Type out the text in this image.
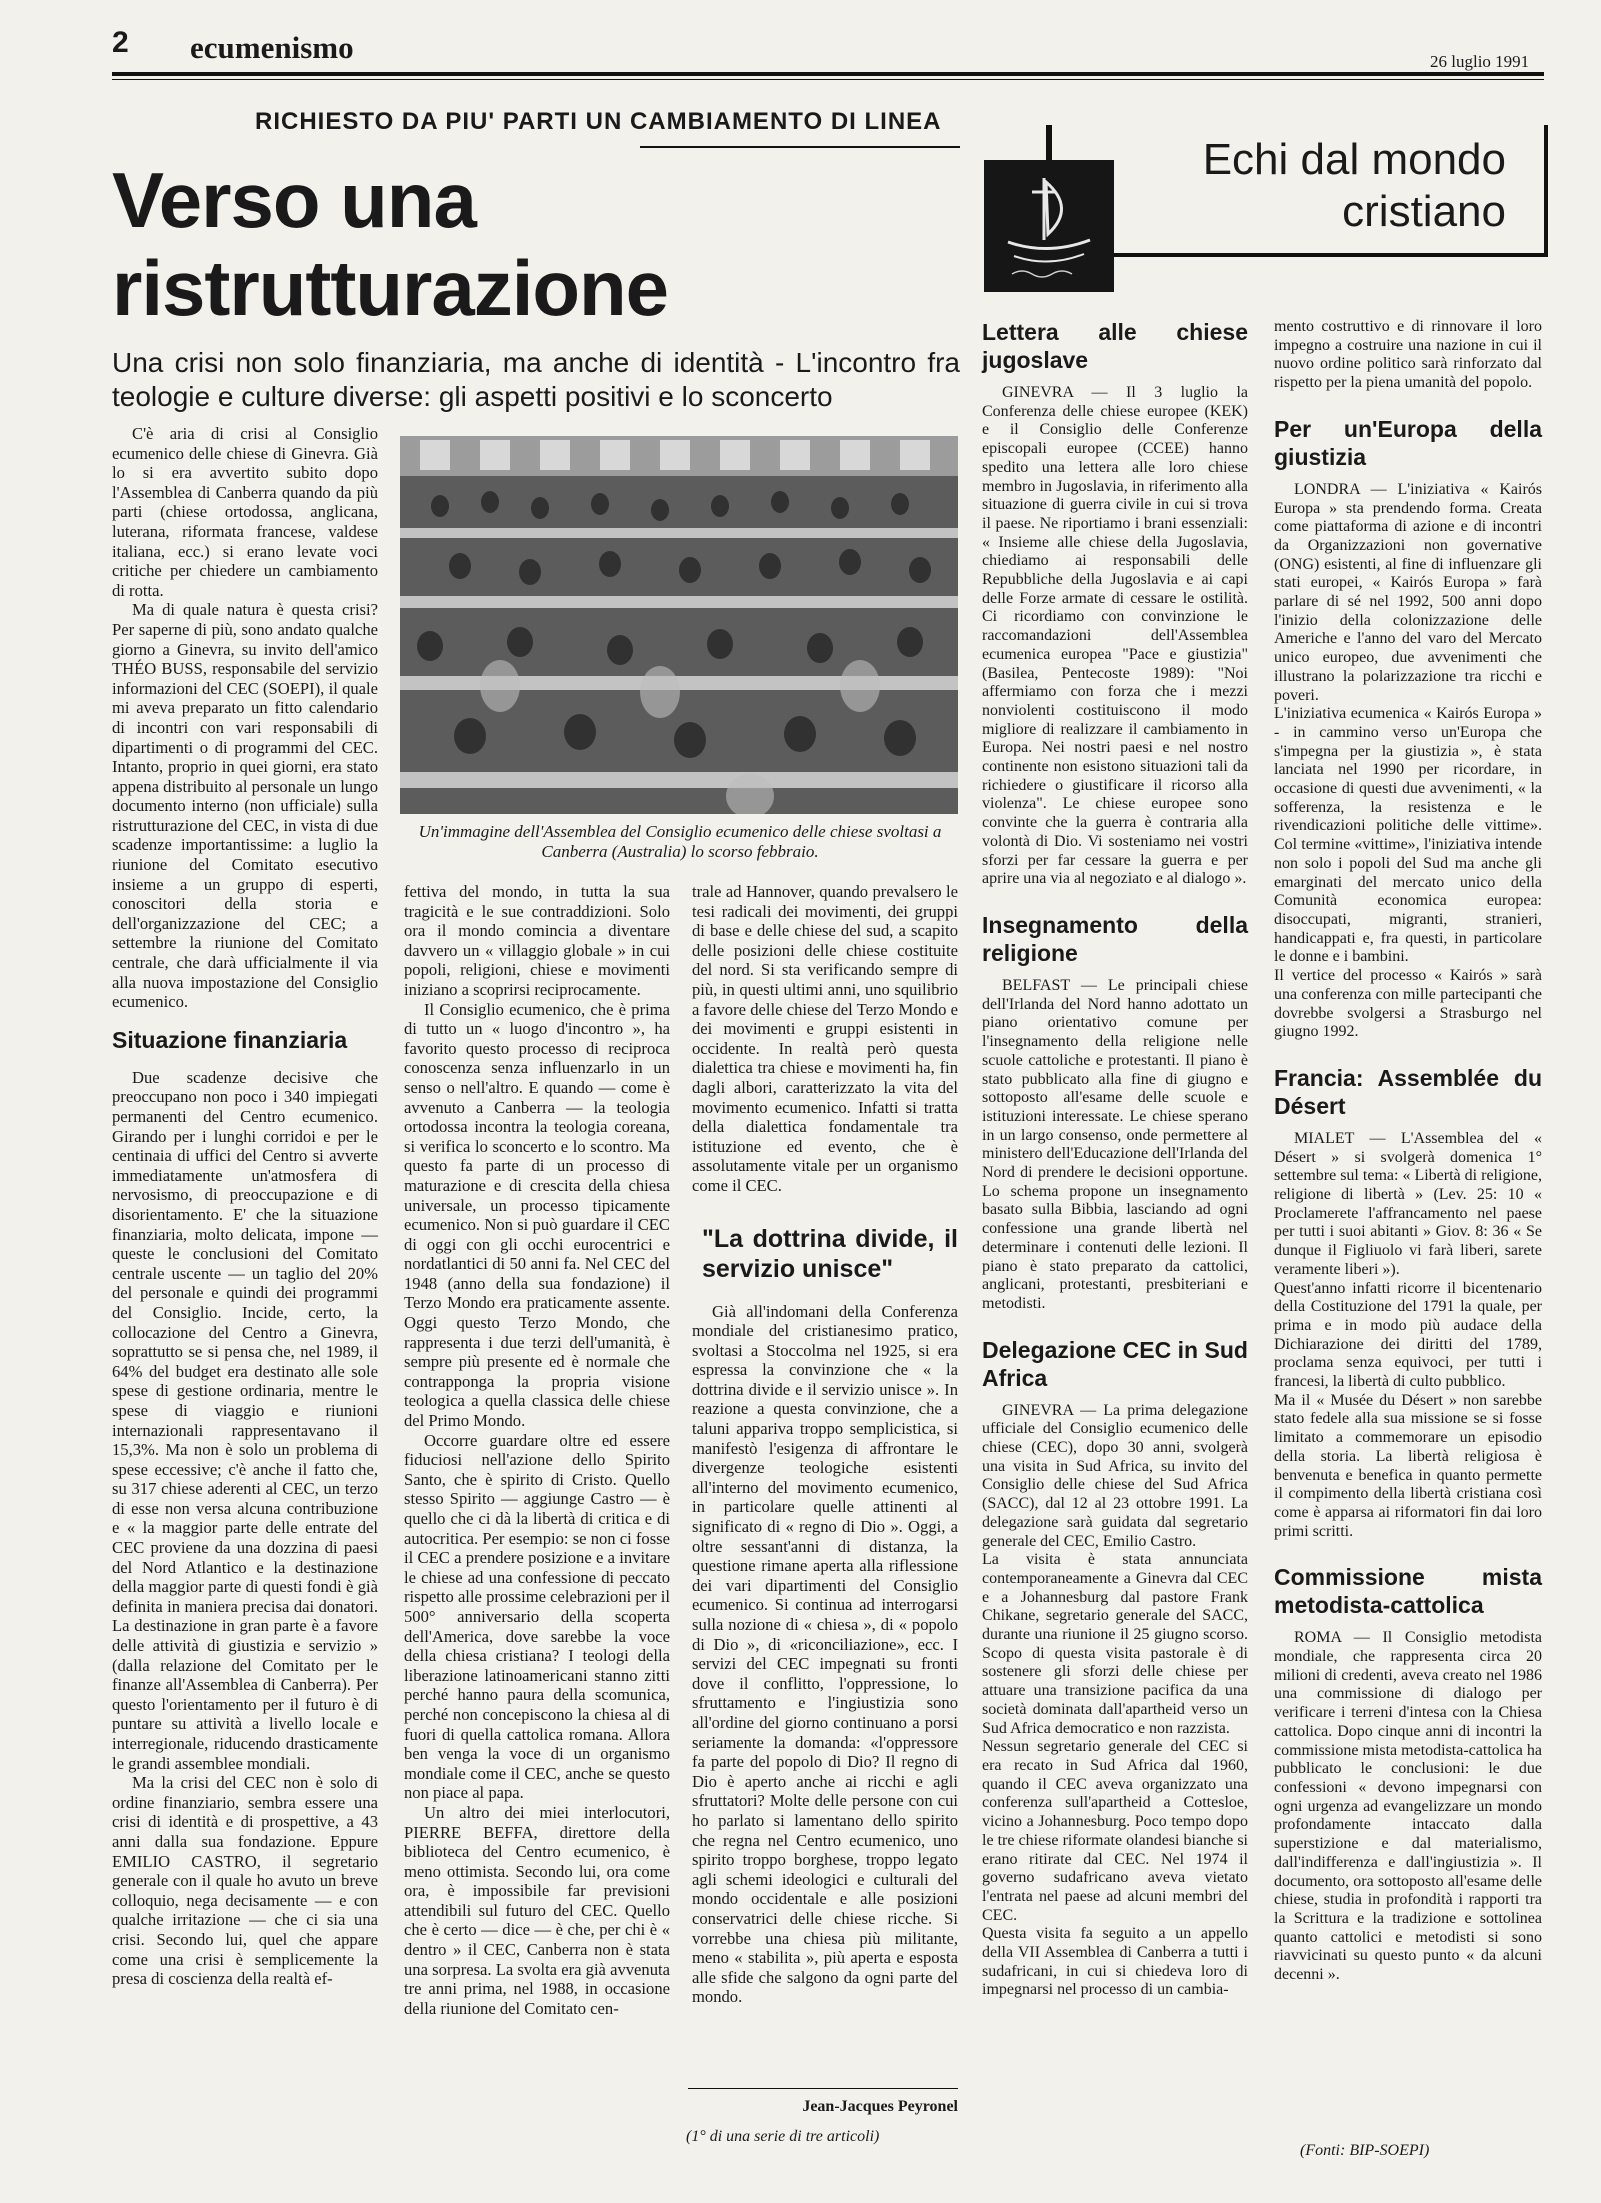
2 ecumenismo	26 luglio 1991
RICHIESTO DA PIU' PARTI UN CAMBIAMENTO DI LINEA
Verso una ristrutturazione
Una crisi non solo finanziaria, ma anche di identità - L'incontro fra teologie e culture diverse: gli aspetti positivi e lo sconcerto

C'è aria di crisi al Consiglio ecumenico delle chiese di Ginevra. Già lo si era avvertito subito dopo l'Assemblea di Canberra quando da più parti (chiese ortodossa, anglicana, luterana, riformata francese, valdese italiana, ecc.) si erano levate voci critiche per chiedere un cambiamento di rotta.

Ma di quale natura è questa crisi? Per saperne di più, sono andato qualche giorno a Ginevra, su invito dell'amico THÉO BUSS, responsabile del servizio informazioni del CEC (SOEPI), il quale mi aveva preparato un fitto calendario di incontri con vari responsabili di dipartimenti o di programmi del CEC. Intanto, proprio in quei giorni, era stato appena distribuito al personale un lungo documento interno (non ufficiale) sulla ristrutturazione del CEC, in vista di due scadenze importantissime: a luglio la riunione del Comitato esecutivo insieme a un gruppo di esperti, conoscitori della storia e dell'organizzazione del CEC; a settembre la riunione del Comitato centrale, che darà ufficialmente il via alla nuova impostazione del Consiglio ecumenico.

Situazione finanziaria

Due scadenze decisive che preoccupano non poco i 340 impiegati permanenti del Centro ecumenico. Girando per i lunghi corridoi e per le centinaia di uffici del Centro si avverte immediatamente un'atmosfera di nervosismo, di preoccupazione e di disorientamento. E' che la situazione finanziaria, molto delicata, impone — queste le conclusioni del Comitato centrale uscente — un taglio del 20% del personale e quindi dei programmi del Consiglio. Incide, certo, la collocazione del Centro a Ginevra, soprattutto se si pensa che, nel 1989, il 64% del budget era destinato alle sole spese di gestione ordinaria, mentre le spese di viaggio e riunioni internazionali rappresentavano il 15,3%. Ma non è solo un problema di spese eccessive; c'è anche il fatto che, su 317 chiese aderenti al CEC, un terzo di esse non versa alcuna contribuzione e « la maggior parte delle entrate del CEC proviene da una dozzina di paesi del Nord Atlantico e la destinazione della maggior parte di questi fondi è già definita in maniera precisa dai donatori. La destinazione in gran parte è a favore delle attività di giustizia e servizio » (dalla relazione del Comitato per le finanze all'Assemblea di Canberra). Per questo l'orientamento per il futuro è di puntare su attività a livello locale e interregionale, riducendo drasticamente le grandi assemblee mondiali.

Ma la crisi del CEC non è solo di ordine finanziario, sembra essere una crisi di identità e di prospettive, a 43 anni dalla sua fondazione. Eppure EMILIO CASTRO, il segretario generale con il quale ho avuto un breve colloquio, nega decisamente — e con qualche irritazione — che ci sia una crisi. Secondo lui, quel che appare come una crisi è semplicemente la presa di coscienza della realtà ef-

Un'immagine dell'Assemblea del Consiglio ecumenico delle chiese svoltasi a Canberra (Australia) lo scorso febbraio.

fettiva del mondo, in tutta la sua tragicità e le sue contraddizioni. Solo ora il mondo comincia a diventare davvero un « villaggio globale » in cui popoli, religioni, chiese e movimenti iniziano a scoprirsi reciprocamente.

Il Consiglio ecumenico, che è prima di tutto un « luogo d'incontro », ha favorito questo processo di reciproca conoscenza senza influenzarlo in un senso o nell'altro. E quando — come è avvenuto a Canberra — la teologia ortodossa incontra la teologia coreana, si verifica lo sconcerto e lo scontro. Ma questo fa parte di un processo di maturazione e di crescita della chiesa universale, un processo tipicamente ecumenico. Non si può guardare il CEC di oggi con gli occhi eurocentrici e nordatlantici di 50 anni fa. Nel CEC del 1948 (anno della sua fondazione) il Terzo Mondo era praticamente assente. Oggi questo Terzo Mondo, che rappresenta i due terzi dell'umanità, è sempre più presente ed è normale che contrapponga la propria visione teologica a quella classica delle chiese del Primo Mondo.

Occorre guardare oltre ed essere fiduciosi nell'azione dello Spirito Santo, che è spirito di Cristo. Quello stesso Spirito — aggiunge Castro — è quello che ci dà la libertà di critica e di autocritica. Per esempio: se non ci fosse il CEC a prendere posizione e a invitare le chiese ad una confessione di peccato rispetto alle prossime celebrazioni per il 500° anniversario della scoperta dell'America, dove sarebbe la voce della chiesa cristiana? I teologi della liberazione latinoamericani stanno zitti perché hanno paura della scomunica, perché non concepiscono la chiesa al di fuori di quella cattolica romana. Allora ben venga la voce di un organismo mondiale come il CEC, anche se questo non piace al papa.

Un altro dei miei interlocutori, PIERRE BEFFA, direttore della biblioteca del Centro ecumenico, è meno ottimista. Secondo lui, ora come ora, è impossibile far previsioni attendibili sul futuro del CEC. Quello che è certo — dice — è che, per chi è « dentro » il CEC, Canberra non è stata una sorpresa. La svolta era già avvenuta tre anni prima, nel 1988, in occasione della riunione del Comitato cen-

trale ad Hannover, quando prevalsero le tesi radicali dei movimenti, dei gruppi di base e delle chiese del sud, a scapito delle posizioni delle chiese costituite del nord. Si sta verificando sempre di più, in questi ultimi anni, uno squilibrio a favore delle chiese del Terzo Mondo e dei movimenti e gruppi esistenti in occidente. In realtà però questa dialettica tra chiese e movimenti ha, fin dagli albori, caratterizzato la vita del movimento ecumenico. Infatti si tratta della dialettica fondamentale tra istituzione ed evento, che è assolutamente vitale per un organismo come il CEC.

"La dottrina divide, il servizio unisce"

Già all'indomani della Conferenza mondiale del cristianesimo pratico, svoltasi a Stoccolma nel 1925, si era espressa la convinzione che « la dottrina divide e il servizio unisce ». In reazione a questa convinzione, che a taluni appariva troppo semplicistica, si manifestò l'esigenza di affrontare le divergenze teologiche esistenti all'interno del movimento ecumenico, in particolare quelle attinenti al significato di « regno di Dio ». Oggi, a oltre sessant'anni di distanza, la questione rimane aperta alla riflessione dei vari dipartimenti del Consiglio ecumenico. Si continua ad interrogarsi sulla nozione di « chiesa », di « popolo di Dio », di «riconciliazione», ecc. I servizi del CEC impegnati su fronti dove il conflitto, l'oppressione, lo sfruttamento e l'ingiustizia sono all'ordine del giorno continuano a porsi seriamente la domanda: «l'oppressore fa parte del popolo di Dio? Il regno di Dio è aperto anche ai ricchi e agli sfruttatori? Molte delle persone con cui ho parlato si lamentano dello spirito che regna nel Centro ecumenico, uno spirito troppo borghese, troppo legato agli schemi ideologici e culturali del mondo occidentale e alle posizioni conservatrici delle chiese ricche. Si vorrebbe una chiesa più militante, meno « stabilita », più aperta e esposta alle sfide che salgono da ogni parte del mondo.

Jean-Jacques Peyronel
(1° di una serie di tre articoli)
Echi dal mondo
cristiano
Lettera alle chiese jugoslave

GINEVRA — Il 3 luglio la Conferenza delle chiese europee (KEK) e il Consiglio delle Conferenze episcopali europee (CCEE) hanno spedito una lettera alle loro chiese membro in Jugoslavia, in riferimento alla situazione di guerra civile in cui si trova il paese. Ne riportiamo i brani essenziali: « Insieme alle chiese della Jugoslavia, chiediamo ai responsabili delle Repubbliche della Jugoslavia e ai capi delle Forze armate di cessare le ostilità. Ci ricordiamo con convinzione le raccomandazioni dell'Assemblea ecumenica europea "Pace e giustizia" (Basilea, Pentecoste 1989): "Noi affermiamo con forza che i mezzi nonviolenti costituiscono il modo migliore di realizzare il cambiamento in Europa. Nei nostri paesi e nel nostro continente non esistono situazioni tali da richiedere o giustificare il ricorso alla violenza". Le chiese europee sono convinte che la guerra è contraria alla volontà di Dio. Vi sosteniamo nei vostri sforzi per far cessare la guerra e per aprire una via al negoziato e al dialogo ».

Insegnamento della religione

BELFAST — Le principali chiese dell'Irlanda del Nord hanno adottato un piano orientativo comune per l'insegnamento della religione nelle scuole cattoliche e protestanti. Il piano è stato pubblicato alla fine di giugno e sottoposto all'esame delle scuole e istituzioni interessate. Le chiese sperano in un largo consenso, onde permettere al ministero dell'Educazione dell'Irlanda del Nord di prendere le decisioni opportune. Lo schema propone un insegnamento basato sulla Bibbia, lasciando ad ogni confessione una grande libertà nel determinare i contenuti delle lezioni. Il piano è stato preparato da cattolici, anglicani, protestanti, presbiteriani e metodisti.

Delegazione CEC in Sud Africa

GINEVRA — La prima delegazione ufficiale del Consiglio ecumenico delle chiese (CEC), dopo 30 anni, svolgerà una visita in Sud Africa, su invito del Consiglio delle chiese del Sud Africa (SACC), dal 12 al 23 ottobre 1991. La delegazione sarà guidata dal segretario generale del CEC, Emilio Castro.
La visita è stata annunciata contemporaneamente a Ginevra dal CEC e a Johannesburg dal pastore Frank Chikane, segretario generale del SACC, durante una riunione il 25 giugno scorso. Scopo di questa visita pastorale è di sostenere gli sforzi delle chiese per attuare una transizione pacifica da una società dominata dall'apartheid verso un Sud Africa democratico e non razzista.
Nessun segretario generale del CEC si era recato in Sud Africa dal 1960, quando il CEC aveva organizzato una conferenza sull'apartheid a Cottesloe, vicino a Johannesburg. Poco tempo dopo le tre chiese riformate olandesi bianche si erano ritirate dal CEC. Nel 1974 il governo sudafricano aveva vietato l'entrata nel paese ad alcuni membri del CEC.
Questa visita fa seguito a un appello della VII Assemblea di Canberra a tutti i sudafricani, in cui si chiedeva loro di impegnarsi nel processo di un cambia-

mento costruttivo e di rinnovare il loro impegno a costruire una nazione in cui il nuovo ordine politico sarà rinforzato dal rispetto per la piena umanità del popolo.

Per un'Europa della giustizia

LONDRA — L'iniziativa « Kairós Europa » sta prendendo forma. Creata come piattaforma di azione e di incontri da Organizzazioni non governative (ONG) esistenti, al fine di influenzare gli stati europei, « Kairós Europa » farà parlare di sé nel 1992, 500 anni dopo l'inizio della colonizzazione delle Americhe e l'anno del varo del Mercato unico europeo, due avvenimenti che illustrano la polarizzazione tra ricchi e poveri.
L'iniziativa ecumenica « Kairós Europa » - in cammino verso un'Europa che s'impegna per la giustizia », è stata lanciata nel 1990 per ricordare, in occasione di questi due avvenimenti, « la sofferenza, la resistenza e le rivendicazioni politiche delle vittime». Col termine «vittime», l'iniziativa intende non solo i popoli del Sud ma anche gli emarginati del mercato unico della Comunità economica europea: disoccupati, migranti, stranieri, handicappati e, fra questi, in particolare le donne e i bambini.
Il vertice del processo « Kairós » sarà una conferenza con mille partecipanti che dovrebbe svolgersi a Strasburgo nel giugno 1992.

Francia: Assemblée du Désert

MIALET — L'Assemblea del « Désert » si svolgerà domenica 1° settembre sul tema: « Libertà di religione, religione di libertà » (Lev. 25: 10 « Proclamerete l'affrancamento nel paese per tutti i suoi abitanti » Giov. 8: 36 « Se dunque il Figliuolo vi farà liberi, sarete veramente liberi »).
Quest'anno infatti ricorre il bicentenario della Costituzione del 1791 la quale, per prima e in modo più audace della Dichiarazione dei diritti del 1789, proclama senza equivoci, per tutti i francesi, la libertà di culto pubblico.
Ma il « Musée du Désert » non sarebbe stato fedele alla sua missione se si fosse limitato a commemorare un episodio della storia. La libertà religiosa è benvenuta e benefica in quanto permette il compimento della libertà cristiana così come è apparsa ai riformatori fin dai loro primi scritti.

Commissione mista metodista-cattolica

ROMA — Il Consiglio metodista mondiale, che rappresenta circa 20 milioni di credenti, aveva creato nel 1986 una commissione di dialogo per verificare i terreni d'intesa con la Chiesa cattolica. Dopo cinque anni di incontri la commissione mista metodista-cattolica ha pubblicato le conclusioni: le due confessioni « devono impegnarsi con ogni urgenza ad evangelizzare un mondo profondamente intaccato dalla superstizione e dal materialismo, dall'indifferenza e dall'ingiustizia ». Il documento, ora sottoposto all'esame delle chiese, studia in profondità i rapporti tra la Scrittura e la tradizione e sottolinea quanto cattolici e metodisti si sono riavvicinati su questo punto « da alcuni decenni ».

(Fonti: BIP-SOEPI)
